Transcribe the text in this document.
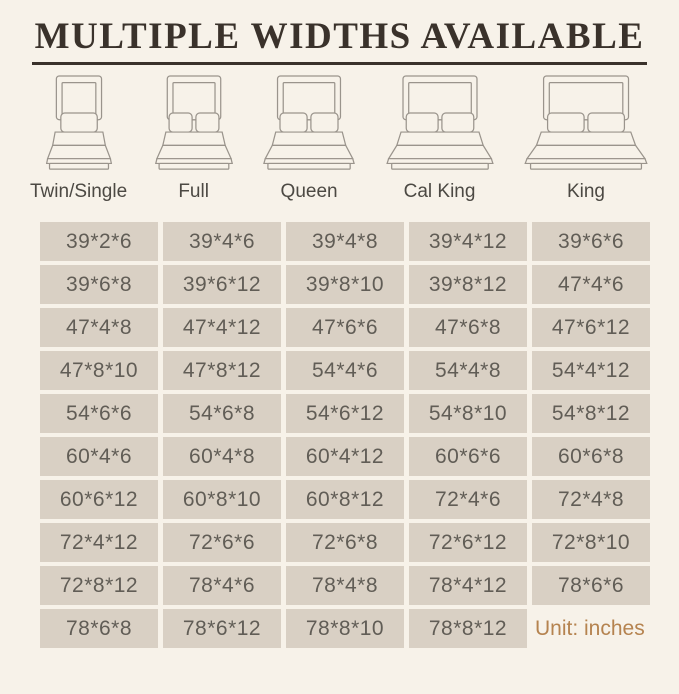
MULTIPLE WIDTHS AVAILABLE
Twin/Single	Full	Queen	Cal King	King
39*2*6	39*4*6	39*4*8	39*4*12	39*6*6
39*6*8	39*6*12	39*8*10	39*8*12	47*4*6
47*4*8	47*4*12	47*6*6	47*6*8	47*6*12
47*8*10	47*8*12	54*4*6	54*4*8	54*4*12
54*6*6	54*6*8	54*6*12	54*8*10	54*8*12
60*4*6	60*4*8	60*4*12	60*6*6	60*6*8
60*6*12	60*8*10	60*8*12	72*4*6	72*4*8
72*4*12	72*6*6	72*6*8	72*6*12	72*8*10
72*8*12	78*4*6	78*4*8	78*4*12	78*6*6
78*6*8	78*6*12	78*8*10	78*8*12	Unit: inches
